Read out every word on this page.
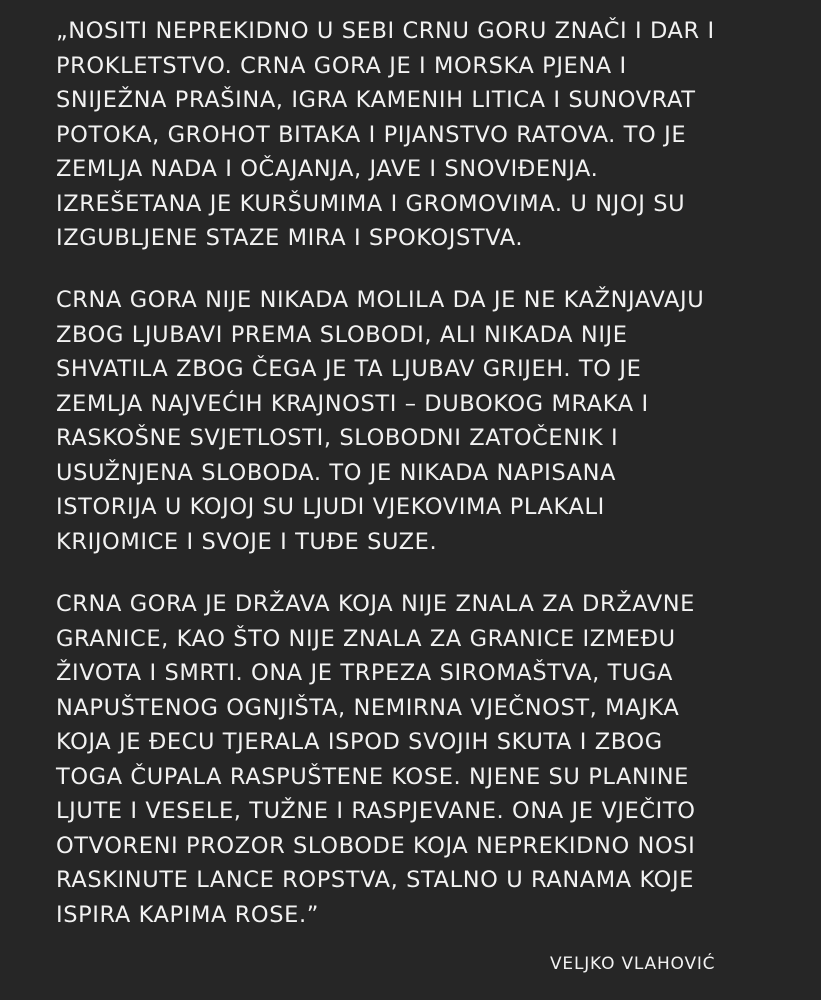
„NOSITI NEPREKIDNO U SEBI CRNU GORU ZNAČI I DAR I
PROKLETSTVO. CRNA GORA JE I MORSKA PJENA I
SNIJEŽNA PRAŠINA, IGRA KAMENIH LITICA I SUNOVRAT
POTOKA, GROHOT BITAKA I PIJANSTVO RATOVA. TO JE
ZEMLJA NADA I OČAJANJA, JAVE I SNOVIĐENJA.
IZREŠETANA JE KURŠUMIMA I GROMOVIMA. U NJOJ SU
IZGUBLJENE STAZE MIRA I SPOKOJSTVA.
CRNA GORA NIJE NIKADA MOLILA DA JE NE KAŽNJAVAJU
ZBOG LJUBAVI PREMA SLOBODI, ALI NIKADA NIJE
SHVATILA ZBOG ČEGA JE TA LJUBAV GRIJEH. TO JE
ZEMLJA NAJVEĆIH KRAJNOSTI – DUBOKOG MRAKA I
RASKOŠNE SVJETLOSTI, SLOBODNI ZATOČENIK I
USUŽNJENA SLOBODA. TO JE NIKADA NAPISANA
ISTORIJA U KOJOJ SU LJUDI VJEKOVIMA PLAKALI
KRIJOMICE I SVOJE I TUĐE SUZE.
CRNA GORA JE DRŽAVA KOJA NIJE ZNALA ZA DRŽAVNE
GRANICE, KAO ŠTO NIJE ZNALA ZA GRANICE IZMEĐU
ŽIVOTA I SMRTI. ONA JE TRPEZA SIROMAŠTVA, TUGA
NAPUŠTENOG OGNJIŠTA, NEMIRNA VJEČNOST, MAJKA
KOJA JE ĐECU TJERALA ISPOD SVOJIH SKUTA I ZBOG
TOGA ČUPALA RASPUŠTENE KOSE. NJENE SU PLANINE
LJUTE I VESELE, TUŽNE I RASPJEVANE. ONA JE VJEČITO
OTVORENI PROZOR SLOBODE KOJA NEPREKIDNO NOSI
RASKINUTE LANCE ROPSTVA, STALNO U RANAMA KOJE
ISPIRA KAPIMA ROSE.”
VELJKO VLAHOVIĆ
